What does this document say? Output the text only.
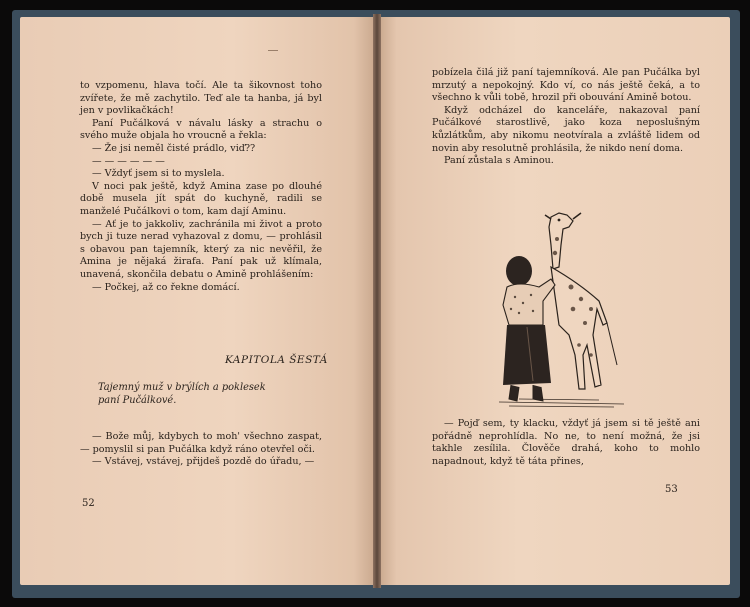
to vzpomenu, hlava točí. Ale ta šikovnost toho zvířete, že mě zachytilo. Teď ale ta hanba, já byl jen v povlikačkách!

Paní Pučálková v návalu lásky a strachu o svého muže objala ho vroucně a řekla:

— Že jsi neměl čisté prádlo, viď??

— — — — — —

— Vždyť jsem si to myslela.

V noci pak ještě, když Amina zase po dlouhé době musela jít spát do kuchyně, radili se manželé Pučálkovi o tom, kam dají Aminu.

— Ať je to jakkoliv, zachránila mi život a proto bych ji tuze nerad vyhazoval z domu, — prohlásil s obavou pan tajemník, který za nic nevěřil, že Amina je nějaká žirafa. Paní pak už klímala, unavená, skončila debatu o Amině prohlášením:

— Počkej, až co řekne domácí.

KAPITOLA ŠESTÁ
Tajemný muž v brýlích a poklesek paní Pučálkové.

— Bože můj, kdybych to moh' všechno zaspat, — pomyslil si pan Pučálka když ráno otevřel oči.

— Vstávej, vstávej, přijdeš pozdě do úřadu, —

52

pobízela čilá již paní tajemníková. Ale pan Pučálka byl mrzutý a nepokojný. Kdo ví, co nás ještě čeká, a to všechno k vůli tobě, hrozil při obouvání Amině botou.

Když odcházel do kanceláře, nakazoval paní Pučálkové starostlivě, jako koza neposlušným kůzlátkům, aby nikomu neotvírala a zvláště lidem od novin aby resolutně prohlásila, že nikdo není doma.

Paní zůstala s Aminou.

— Pojď sem, ty klacku, vždyť já jsem si tě ještě ani pořádně neprohlídla. No ne, to není možná, že jsi takhle zesílila. Člověče drahá, koho to mohlo napadnout, když tě táta přines,

53
